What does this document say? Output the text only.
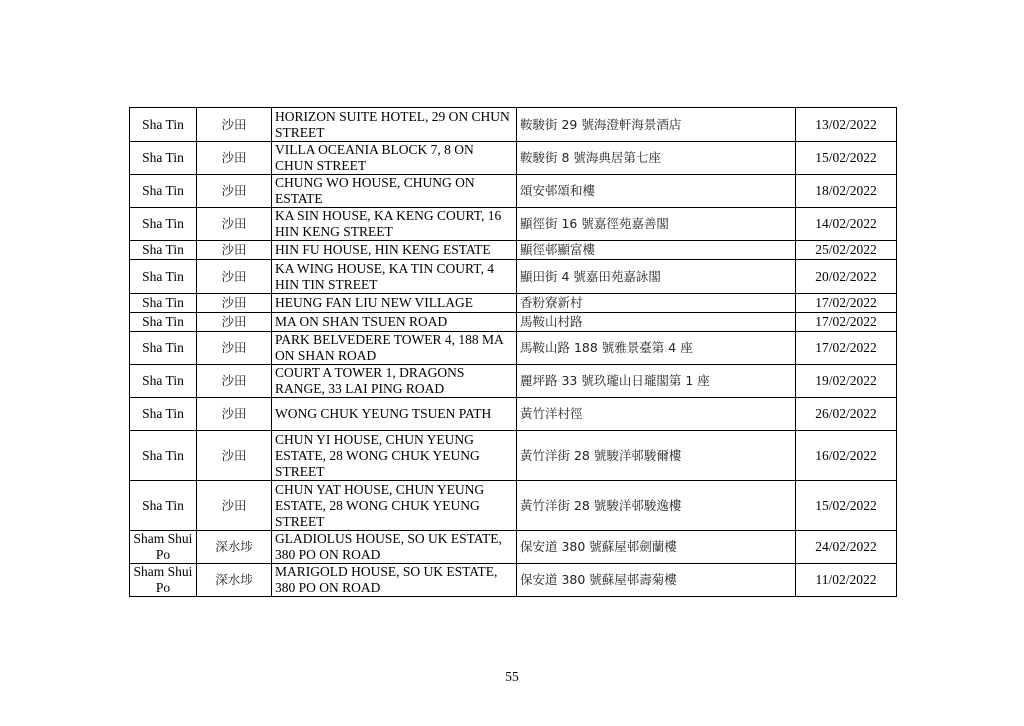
Sha Tin	沙田	HORIZON SUITE HOTEL, 29 ON CHUN STREET	鞍駿街 29 號海澄軒海景酒店	13/02/2022
Sha Tin	沙田	VILLA OCEANIA BLOCK 7, 8 ON CHUN STREET	鞍駿街 8 號海典居第七座	15/02/2022
Sha Tin	沙田	CHUNG WO HOUSE, CHUNG ON ESTATE	頌安邨頌和樓	18/02/2022
Sha Tin	沙田	KA SIN HOUSE, KA KENG COURT, 16 HIN KENG STREET	顯徑街 16 號嘉徑苑嘉善閣	14/02/2022
Sha Tin	沙田	HIN FU HOUSE, HIN KENG ESTATE	顯徑邨顯富樓	25/02/2022
Sha Tin	沙田	KA WING HOUSE, KA TIN COURT, 4 HIN TIN STREET	顯田街 4 號嘉田苑嘉詠閣	20/02/2022
Sha Tin	沙田	HEUNG FAN LIU NEW VILLAGE	香粉寮新村	17/02/2022
Sha Tin	沙田	MA ON SHAN TSUEN ROAD	馬鞍山村路	17/02/2022
Sha Tin	沙田	PARK BELVEDERE TOWER 4, 188 MA ON SHAN ROAD	馬鞍山路 188 號雅景臺第 4 座	17/02/2022
Sha Tin	沙田	COURT A TOWER 1, DRAGONS RANGE, 33 LAI PING ROAD	麗坪路 33 號玖瓏山日瓏閣第 1 座	19/02/2022
Sha Tin	沙田	WONG CHUK YEUNG TSUEN PATH	黃竹洋村徑	26/02/2022
Sha Tin	沙田	CHUN YI HOUSE, CHUN YEUNG ESTATE, 28 WONG CHUK YEUNG STREET	黃竹洋街 28 號駿洋邨駿爾樓	16/02/2022
Sha Tin	沙田	CHUN YAT HOUSE, CHUN YEUNG ESTATE, 28 WONG CHUK YEUNG STREET	黃竹洋街 28 號駿洋邨駿逸樓	15/02/2022
Sham Shui Po	深水埗	GLADIOLUS HOUSE, SO UK ESTATE, 380 PO ON ROAD	保安道 380 號蘇屋邨劍蘭樓	24/02/2022
Sham Shui Po	深水埗	MARIGOLD HOUSE, SO UK ESTATE, 380 PO ON ROAD	保安道 380 號蘇屋邨壽菊樓	11/02/2022
55
